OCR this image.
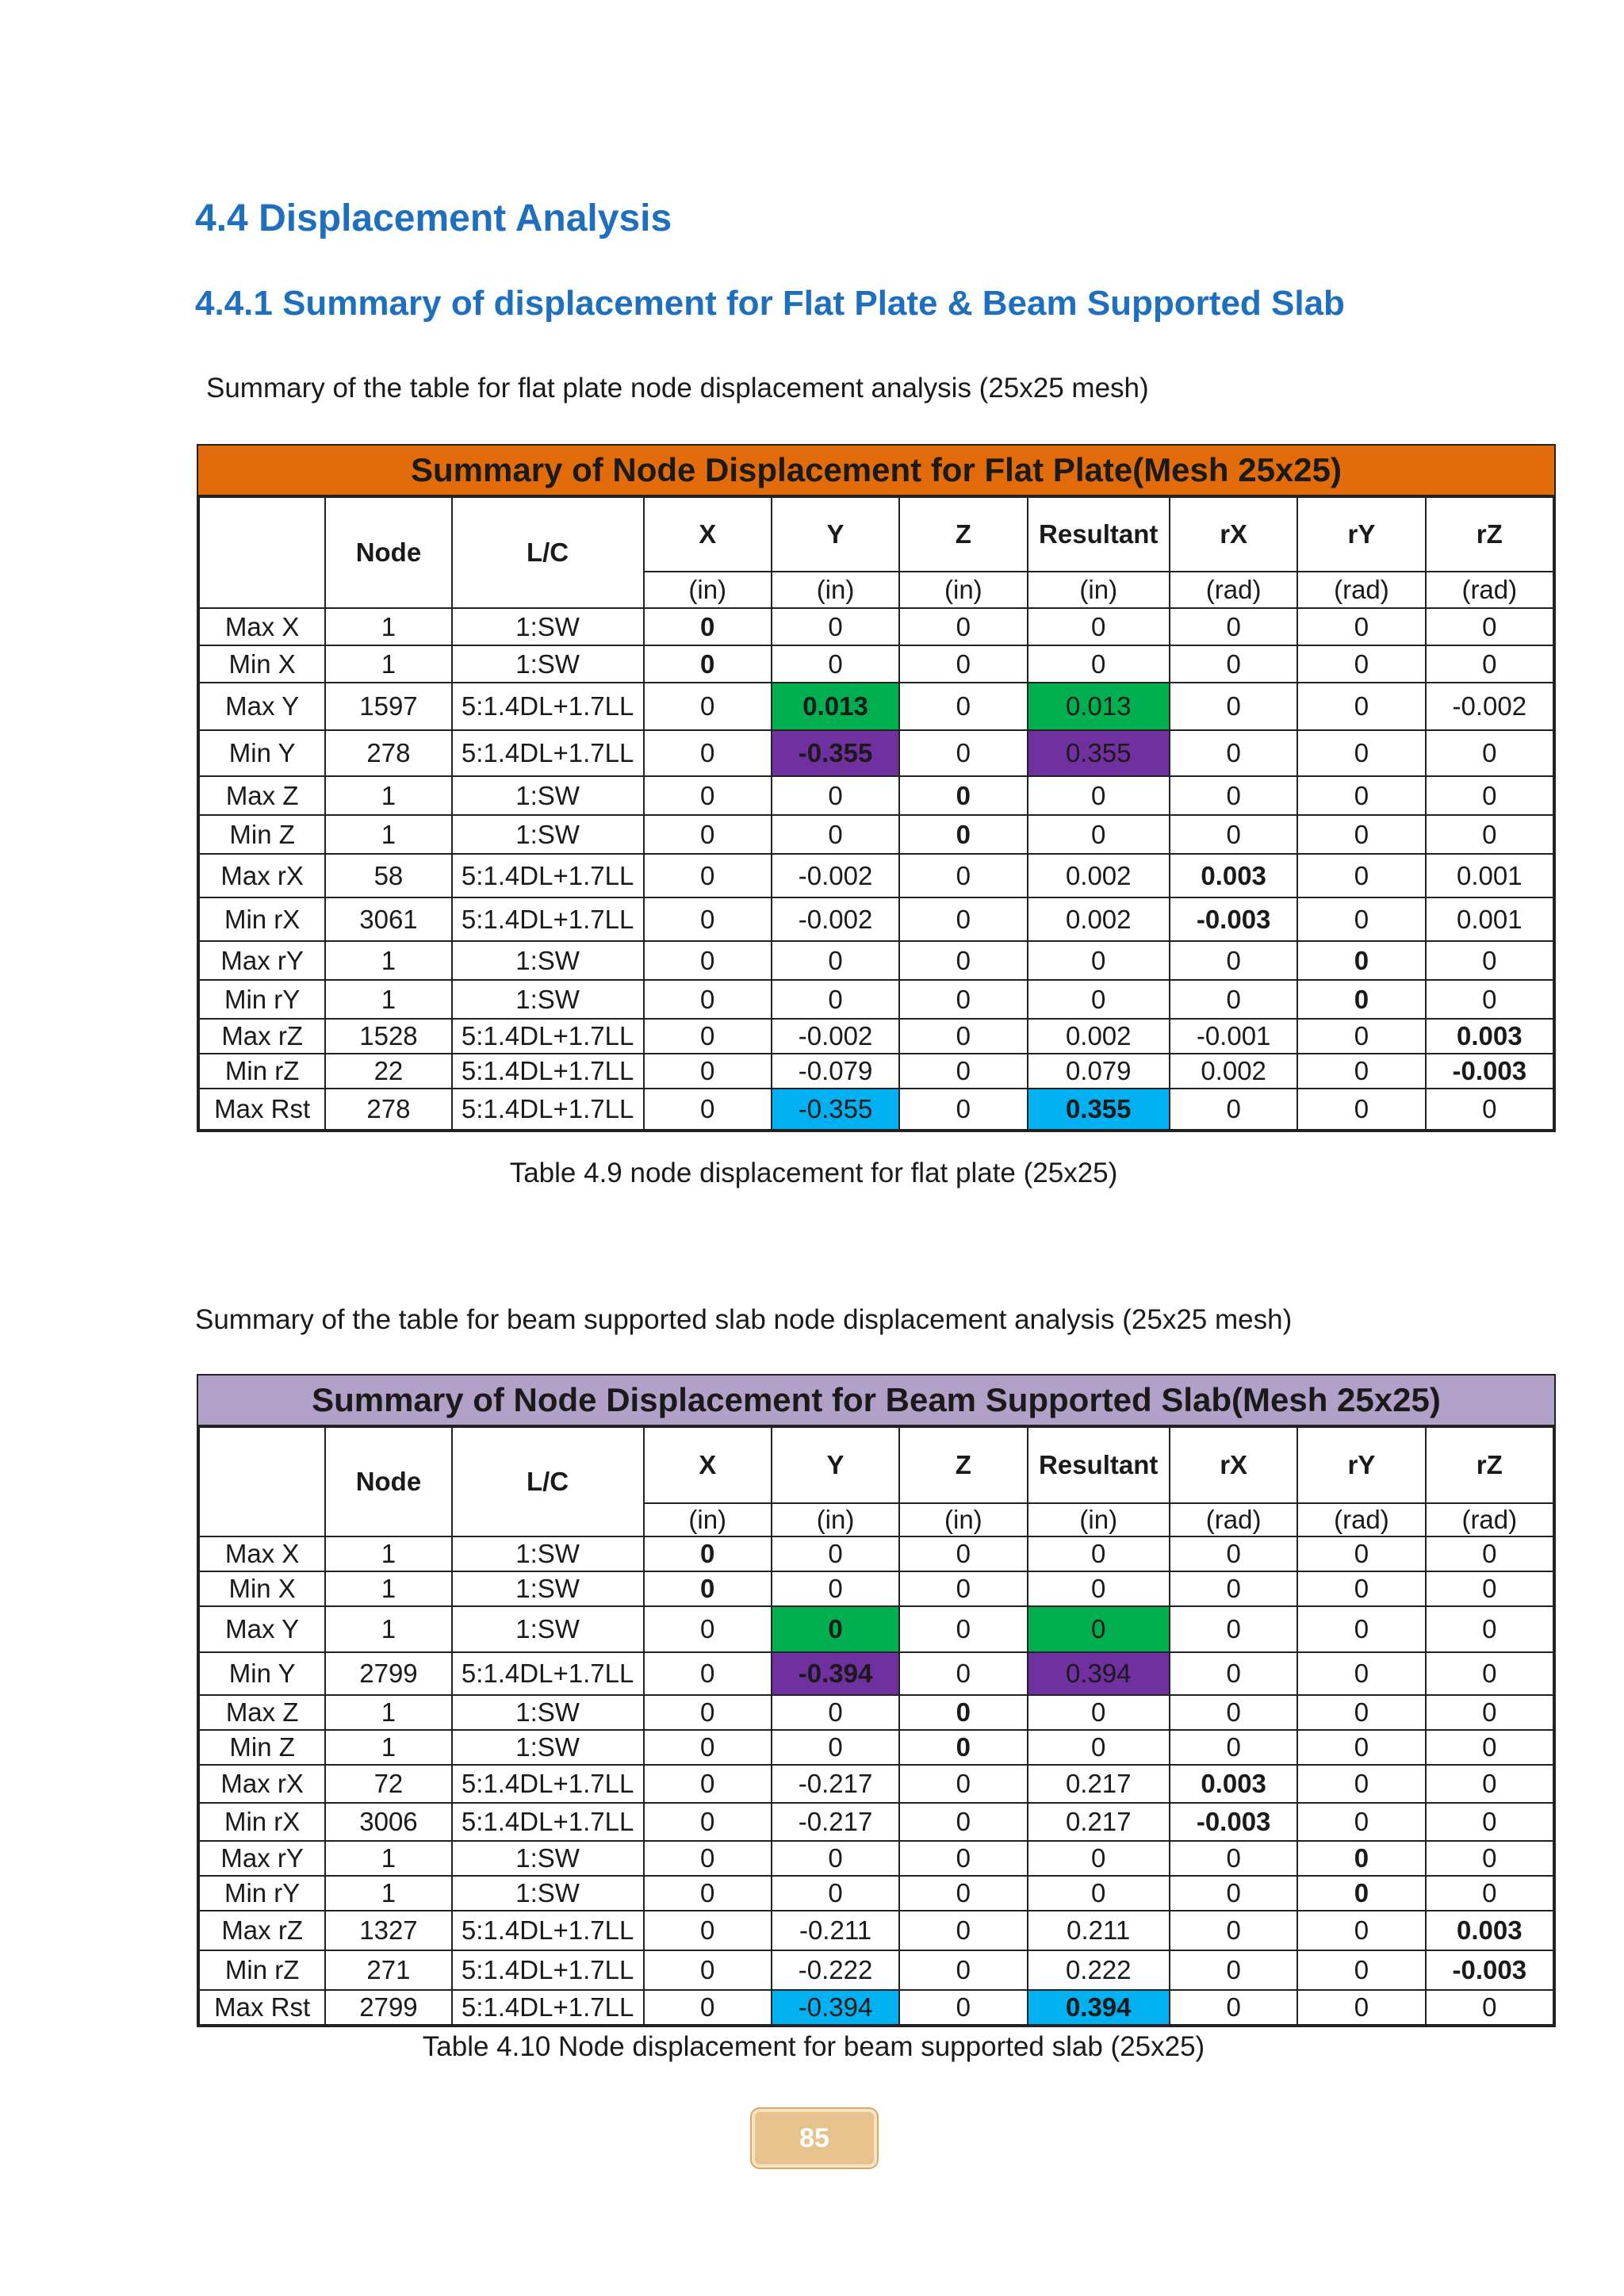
4.4 Displacement Analysis
4.4.1 Summary of displacement for Flat Plate & Beam Supported Slab
Summary of the table for flat plate node displacement analysis (25x25 mesh)
Summary of Node Displacement for Flat Plate(Mesh 25x25)
	Node	L/C	X	Y	Z	Resultant	rX	rY	rZ
			(in)	(in)	(in)	(in)	(rad)	(rad)	(rad)
Max X	1	1:SW	0	0	0	0	0	0	0
Min X	1	1:SW	0	0	0	0	0	0	0
Max Y	1597	5:1.4DL+1.7LL	0	0.013	0	0.013	0	0	-0.002
Min Y	278	5:1.4DL+1.7LL	0	-0.355	0	0.355	0	0	0
Max Z	1	1:SW	0	0	0	0	0	0	0
Min Z	1	1:SW	0	0	0	0	0	0	0
Max rX	58	5:1.4DL+1.7LL	0	-0.002	0	0.002	0.003	0	0.001
Min rX	3061	5:1.4DL+1.7LL	0	-0.002	0	0.002	-0.003	0	0.001
Max rY	1	1:SW	0	0	0	0	0	0	0
Min rY	1	1:SW	0	0	0	0	0	0	0
Max rZ	1528	5:1.4DL+1.7LL	0	-0.002	0	0.002	-0.001	0	0.003
Min rZ	22	5:1.4DL+1.7LL	0	-0.079	0	0.079	0.002	0	-0.003
Max Rst	278	5:1.4DL+1.7LL	0	-0.355	0	0.355	0	0	0
Table 4.9 node displacement for flat plate (25x25)
Summary of the table for beam supported slab node displacement analysis (25x25 mesh)
Summary of Node Displacement for Beam Supported Slab(Mesh 25x25)
	Node	L/C	X	Y	Z	Resultant	rX	rY	rZ
			(in)	(in)	(in)	(in)	(rad)	(rad)	(rad)
Max X	1	1:SW	0	0	0	0	0	0	0
Min X	1	1:SW	0	0	0	0	0	0	0
Max Y	1	1:SW	0	0	0	0	0	0	0
Min Y	2799	5:1.4DL+1.7LL	0	-0.394	0	0.394	0	0	0
Max Z	1	1:SW	0	0	0	0	0	0	0
Min Z	1	1:SW	0	0	0	0	0	0	0
Max rX	72	5:1.4DL+1.7LL	0	-0.217	0	0.217	0.003	0	0
Min rX	3006	5:1.4DL+1.7LL	0	-0.217	0	0.217	-0.003	0	0
Max rY	1	1:SW	0	0	0	0	0	0	0
Min rY	1	1:SW	0	0	0	0	0	0	0
Max rZ	1327	5:1.4DL+1.7LL	0	-0.211	0	0.211	0	0	0.003
Min rZ	271	5:1.4DL+1.7LL	0	-0.222	0	0.222	0	0	-0.003
Max Rst	2799	5:1.4DL+1.7LL	0	-0.394	0	0.394	0	0	0
Table 4.10 Node displacement for beam supported slab (25x25)
85
